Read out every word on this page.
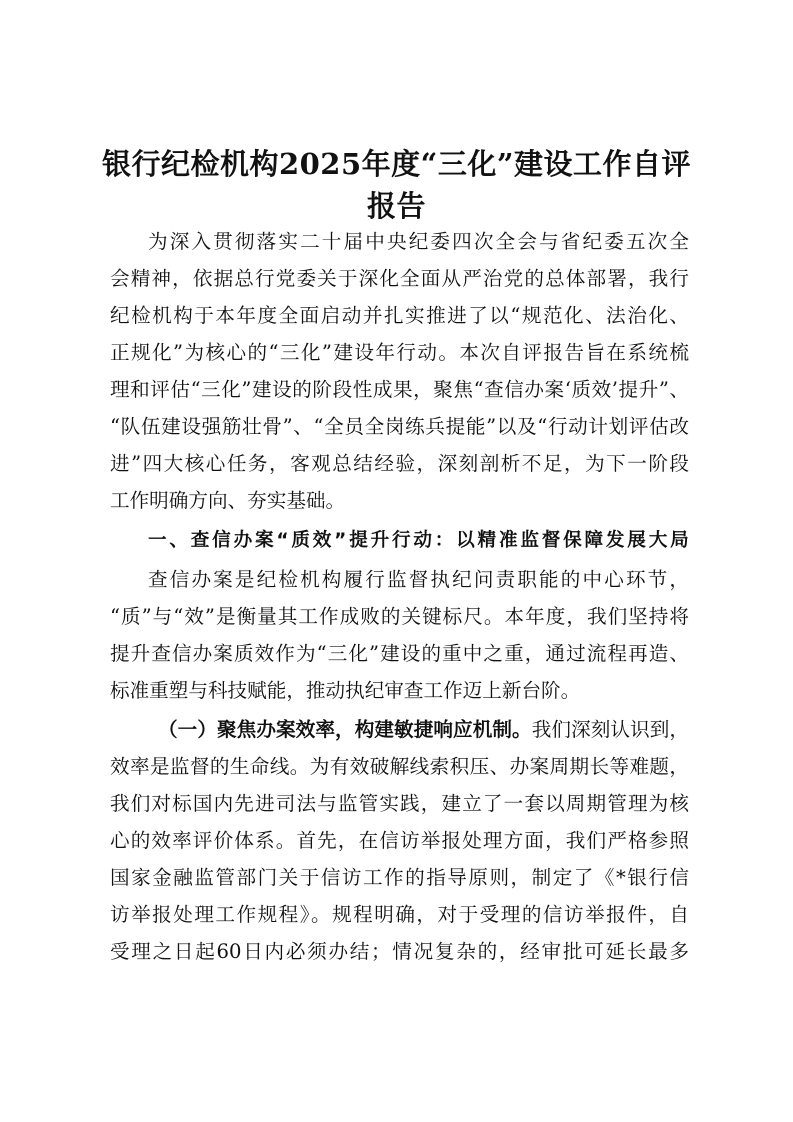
银行纪检机构2025年度“三化”建设工作自评
报告
为深入贯彻落实二十届中央纪委四次全会与省纪委五次全
会精神，依据总行党委关于深化全面从严治党的总体部署，我行
纪检机构于本年度全面启动并扎实推进了以“规范化、法治化、
正规化”为核心的“三化”建设年行动。本次自评报告旨在系统梳
理和评估“三化”建设的阶段性成果，聚焦“查信办案‘质效’提升”、
“队伍建设强筋壮骨”、“全员全岗练兵提能”以及“行动计划评估改
进”四大核心任务，客观总结经验，深刻剖析不足，为下一阶段
工作明确方向、夯实基础。
一、查信办案“质效”提升行动：以精准监督保障发展大局
查信办案是纪检机构履行监督执纪问责职能的中心环节，
“质”与“效”是衡量其工作成败的关键标尺。本年度，我们坚持将
提升查信办案质效作为“三化”建设的重中之重，通过流程再造、
标准重塑与科技赋能，推动执纪审查工作迈上新台阶。
（一）聚焦办案效率，构建敏捷响应机制。我们深刻认识到，
效率是监督的生命线。为有效破解线索积压、办案周期长等难题，
我们对标国内先进司法与监管实践，建立了一套以周期管理为核
心的效率评价体系。首先，在信访举报处理方面，我们严格参照
国家金融监管部门关于信访工作的指导原则，制定了《*银行信
访举报处理工作规程》。规程明确，对于受理的信访举报件，自
受理之日起60日内必须办结；情况复杂的，经审批可延长最多
